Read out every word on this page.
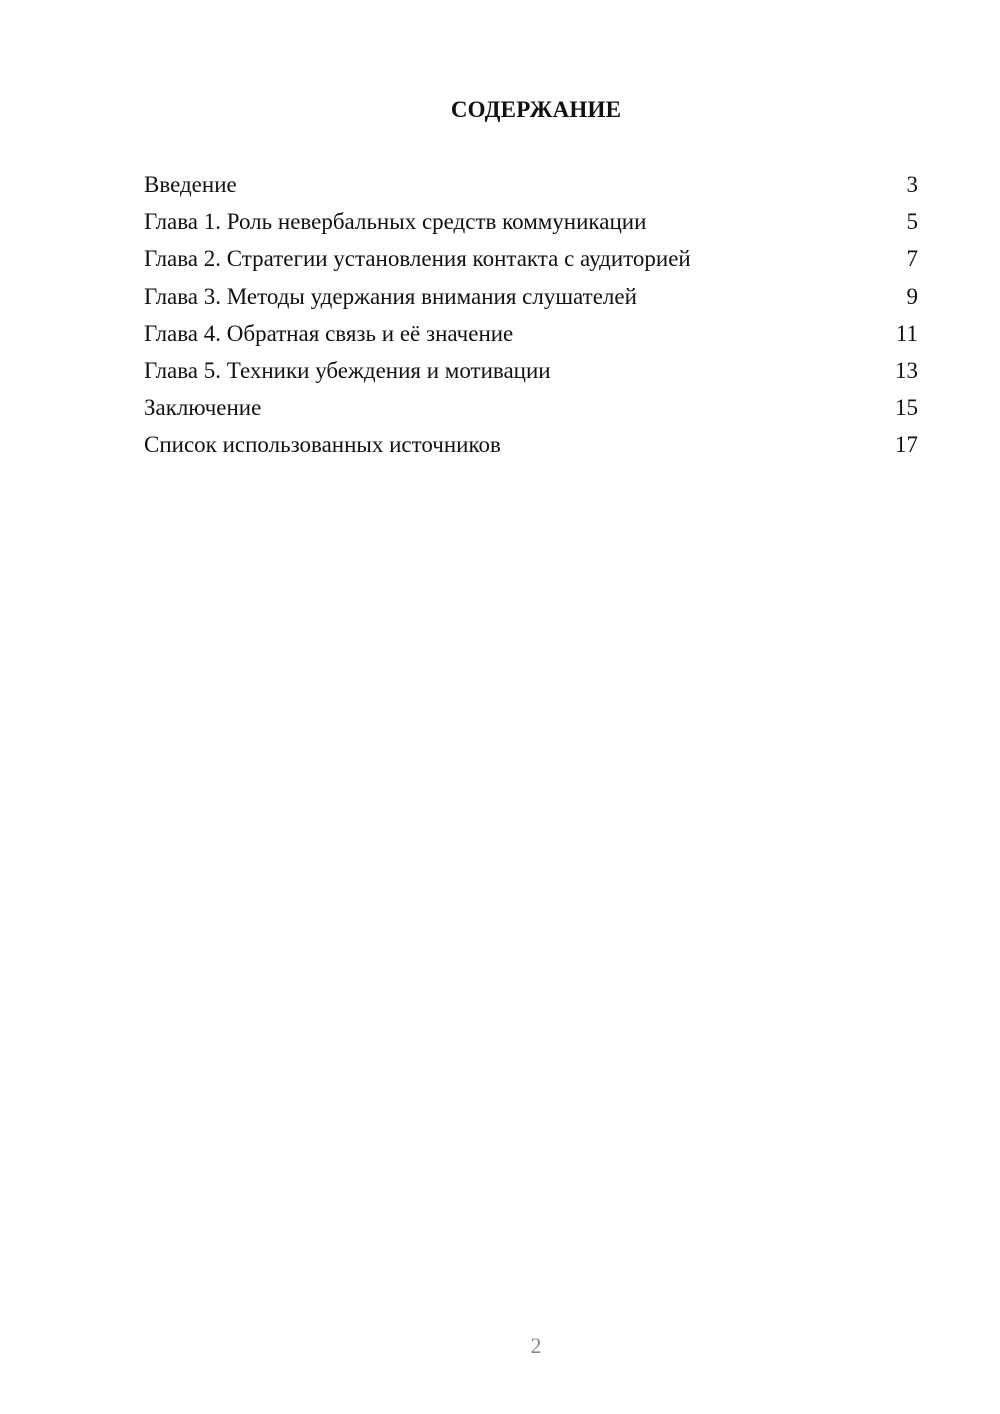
СОДЕРЖАНИЕ
Введение	3
Глава 1. Роль невербальных средств коммуникации	5
Глава 2. Стратегии установления контакта с аудиторией	7
Глава 3. Методы удержания внимания слушателей	9
Глава 4. Обратная связь и её значение	11
Глава 5. Техники убеждения и мотивации	13
Заключение	15
Список использованных источников	17
2
